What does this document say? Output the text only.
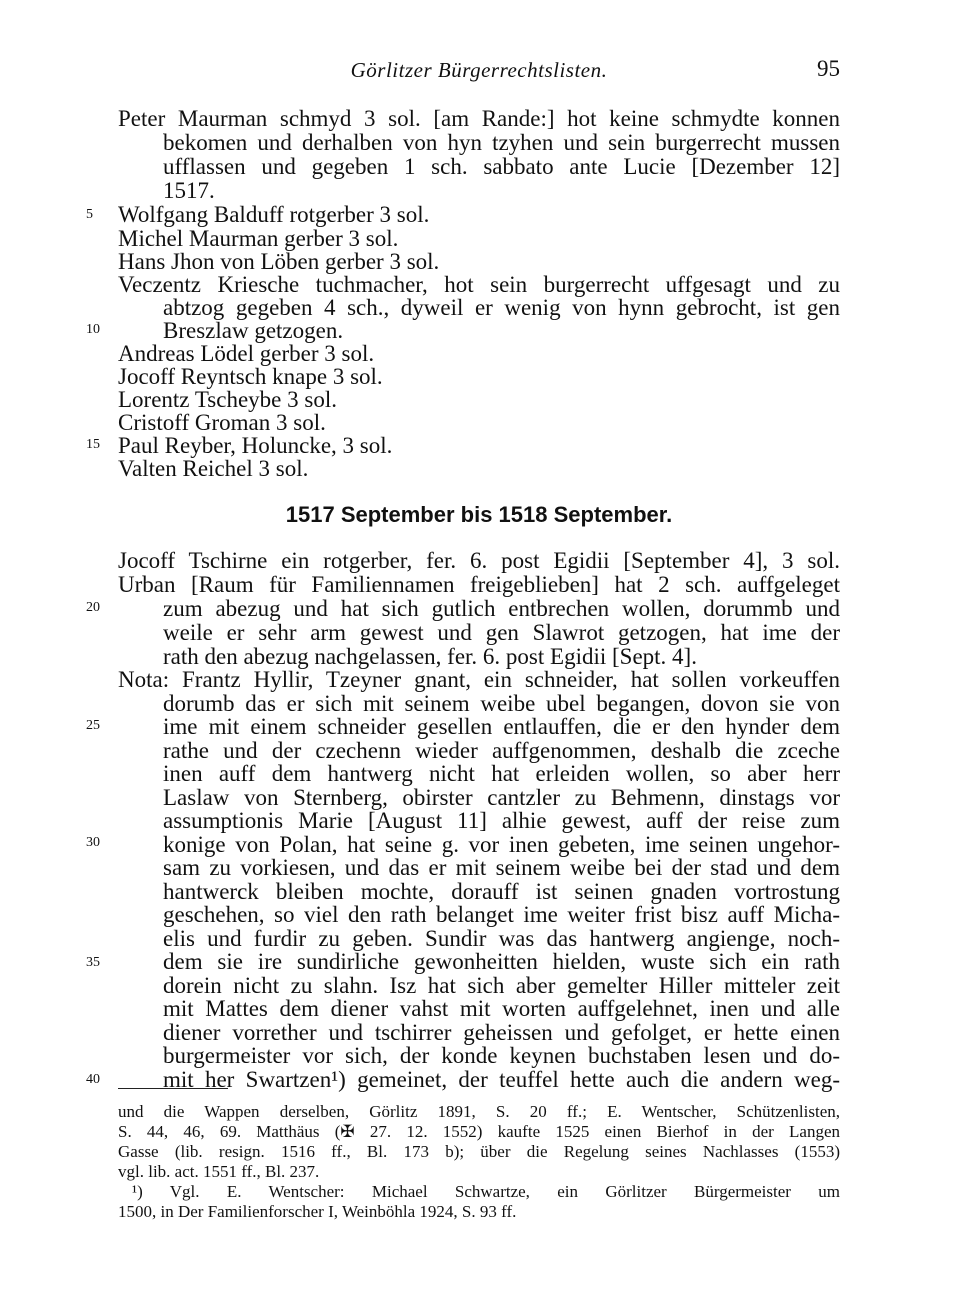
Görlitzer Bürgerrechtslisten.	95
5
10
15
20
25
30
35
40
Peter Maurman schmyd 3 sol. [am Rande:] hot keine schmydte konnen
bekomen und derhalben von hyn tzyhen und sein burgerrecht mussen
ufflassen und gegeben 1 sch. sabbato ante Lucie [Dezember 12]
1517.
Wolfgang Balduff rotgerber 3 sol.
Michel Maurman gerber 3 sol.
Hans Jhon von Löben gerber 3 sol.
Veczentz Kriesche tuchmacher, hot sein burgerrecht uffgesagt und zu
abtzog gegeben 4 sch., dyweil er wenig von hynn gebrocht, ist gen
Breszlaw getzogen.
Andreas Lödel gerber 3 sol.
Jocoff Reyntsch knape 3 sol.
Lorentz Tscheybe 3 sol.
Cristoff Groman 3 sol.
Paul Reyber, Holuncke, 3 sol.
Valten Reichel 3 sol.
1517 September bis 1518 September.
Jocoff Tschirne ein rotgerber, fer. 6. post Egidii [September 4], 3 sol.
Urban [Raum für Familiennamen freigeblieben] hat 2 sch. auffgeleget
zum abezug und hat sich gutlich entbrechen wollen, dorummb und
weile er sehr arm gewest und gen Slawrot getzogen, hat ime der
rath den abezug nachgelassen, fer. 6. post Egidii [Sept. 4].
Nota: Frantz Hyllir, Tzeyner gnant, ein schneider, hat sollen vorkeuffen
dorumb das er sich mit seinem weibe ubel begangen, dovon sie von
ime mit einem schneider gesellen entlauffen, die er den hynder dem
rathe und der czechenn wieder auffgenommen, deshalb die zceche
inen auff dem hantwerg nicht hat erleiden wollen, so aber herr
Laslaw von Sternberg, obirster cantzler zu Behmenn, dinstags vor
assumptionis Marie [August 11] alhie gewest, auff der reise zum
konige von Polan, hat seine g. vor inen gebeten, ime seinen ungehor-
sam zu vorkiesen, und das er mit seinem weibe bei der stad und dem
hantwerck bleiben mochte, dorauff ist seinen gnaden vortrostung
geschehen, so viel den rath belanget ime weiter frist bisz auff Micha-
elis und furdir zu geben. Sundir was das hantwerg angienge, noch-
dem sie ire sundirliche gewonheitten hielden, wuste sich ein rath
dorein nicht zu slahn. Isz hat sich aber gemelter Hiller mitteler zeit
mit Mattes dem diener vahst mit worten auffgelehnet, inen und alle
diener vorrether und tschirrer geheissen und gefolget, er hette einen
burgermeister vor sich, der konde keynen buchstaben lesen und do-
mit her Swartzen¹) gemeinet, der teuffel hette auch die andern weg-
und die Wappen derselben, Görlitz 1891, S. 20 ff.; E. Wentscher, Schützenlisten,
S. 44, 46, 69. Matthäus (✠ 27. 12. 1552) kaufte 1525 einen Bierhof in der Langen
Gasse (lib. resign. 1516 ff., Bl. 173 b); über die Regelung seines Nachlasses (1553)
vgl. lib. act. 1551 ff., Bl. 237.
¹) Vgl. E. Wentscher: Michael Schwartze, ein Görlitzer Bürgermeister um
1500, in Der Familienforscher I, Weinböhla 1924, S. 93 ff.
